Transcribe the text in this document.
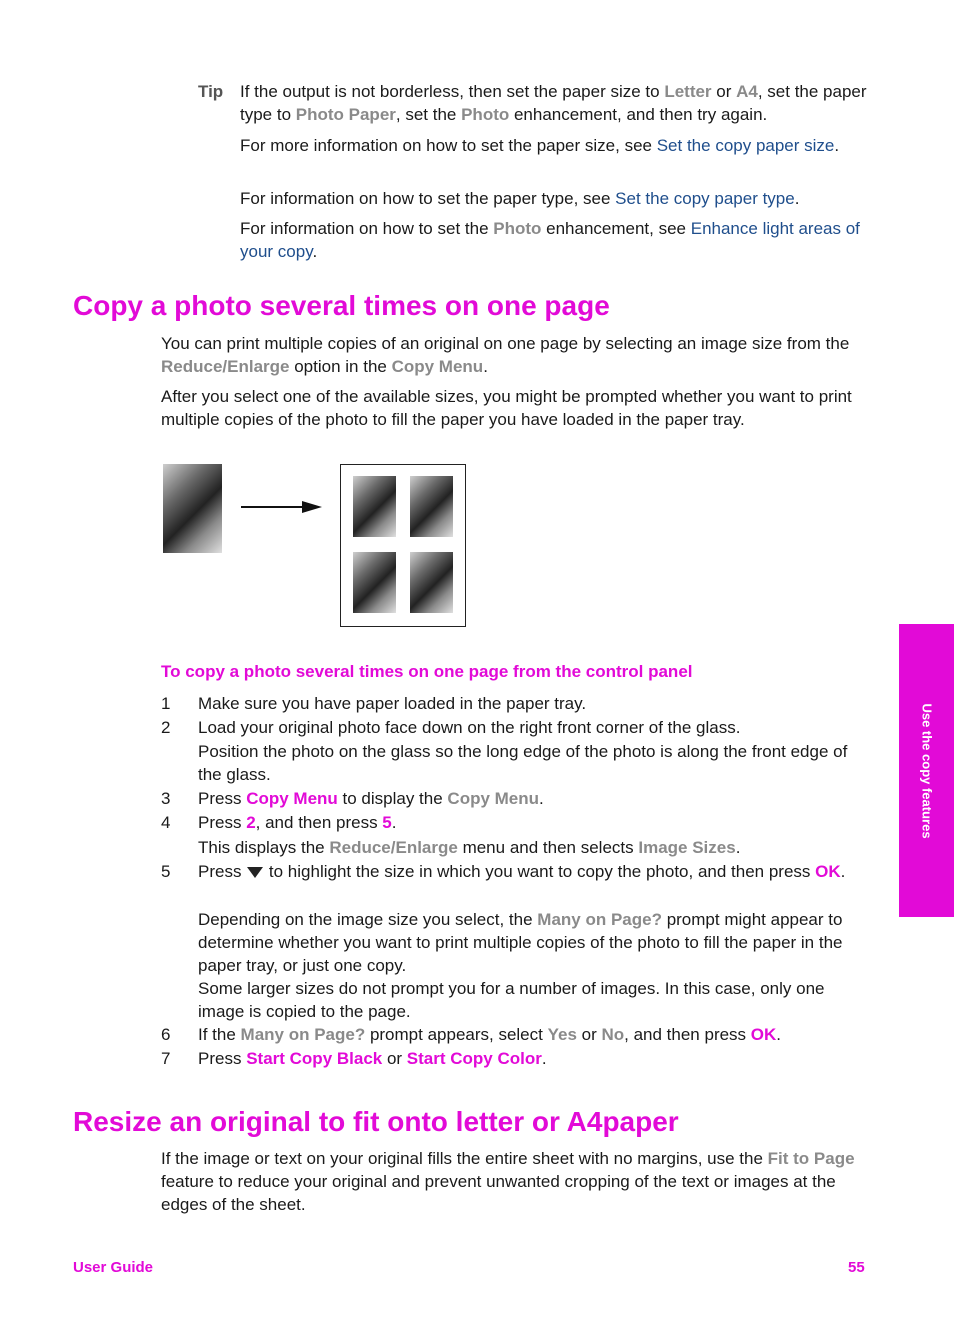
Tip If the output is not borderless, then set the paper size to Letter or A4, set the paper type to Photo Paper, set the Photo enhancement, and then try again.
For more information on how to set the paper size, see Set the copy paper size.
For information on how to set the paper type, see Set the copy paper type.
For information on how to set the Photo enhancement, see Enhance light areas of your copy.
Copy a photo several times on one page
You can print multiple copies of an original on one page by selecting an image size from the Reduce/Enlarge option in the Copy Menu.
After you select one of the available sizes, you might be prompted whether you want to print multiple copies of the photo to fill the paper you have loaded in the paper tray.
To copy a photo several times on one page from the control panel
1 Make sure you have paper loaded in the paper tray.
2 Load your original photo face down on the right front corner of the glass.
Position the photo on the glass so the long edge of the photo is along the front edge of the glass.
3 Press Copy Menu to display the Copy Menu.
4 Press 2, and then press 5.
This displays the Reduce/Enlarge menu and then selects Image Sizes.
5 Press  to highlight the size in which you want to copy the photo, and then press OK.
Depending on the image size you select, the Many on Page? prompt might appear to determine whether you want to print multiple copies of the photo to fill the paper in the paper tray, or just one copy.
Some larger sizes do not prompt you for a number of images. In this case, only one image is copied to the page.
6 If the Many on Page? prompt appears, select Yes or No, and then press OK.
7 Press Start Copy Black or Start Copy Color.
Resize an original to fit onto letter or A4paper
If the image or text on your original fills the entire sheet with no margins, use the Fit to Page feature to reduce your original and prevent unwanted cropping of the text or images at the edges of the sheet.
Use the copy features
User Guide	55
